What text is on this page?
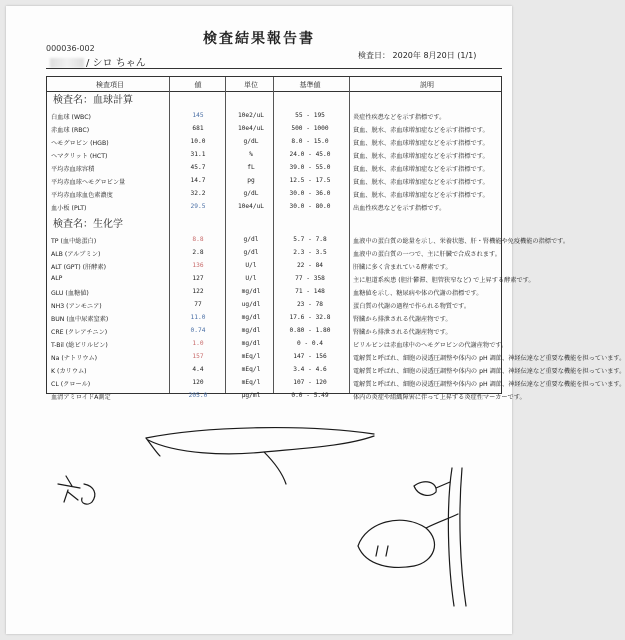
検査結果報告書
000036-002
/ シロ ちゃん
検査日： 2020年 8月20日 (1/1)
検査項目	値	単位	基準値	説明
検査名：血球計算
白血球 (WBC)	145	10e2/uL	55 - 195	炎症性疾患などを示す指標です。
赤血球 (RBC)	681	10e4/uL	500 - 1000	貧血、脱水、赤血球増加症などを示す指標です。
ヘモグロビン (HGB)	10.0	g/dL	8.0 - 15.0	貧血、脱水、赤血球増加症などを示す指標です。
ヘマクリット (HCT)	31.1	%	24.0 - 45.0	貧血、脱水、赤血球増加症などを示す指標です。
平均赤血球容積	45.7	fL	39.0 - 55.0	貧血、脱水、赤血球増加症などを示す指標です。
平均赤血球ヘモグロビン量	14.7	pg	12.5 - 17.5	貧血、脱水、赤血球増加症などを示す指標です。
平均赤血球血色素濃度	32.2	g/dL	30.0 - 36.0	貧血、脱水、赤血球増加症などを示す指標です。
血小板 (PLT)	29.5	10e4/uL	30.0 - 80.0	出血性疾患などを示す指標です。
検査名：生化学
TP (血中総蛋白)	8.8	g/dl	5.7 - 7.8	血液中の蛋白質の総量を示し、栄養状態、肝・腎機能や免疫機能の指標です。
ALB (アルブミン)	2.8	g/dl	2.3 - 3.5	血液中の蛋白質の一つで、主に肝臓で合成されます。
ALT (GPT) (肝酵素)	136	U/l	22 - 84	肝臓に多く含まれている酵素です。
ALP	127	U/l	77 - 358	主に胆道系疾患 (胆汁鬱滞、胆管狭窄など) で上昇する酵素です。
GLU (血糖値)	122	mg/dl	71 - 148	血糖値を示し、糖尿病や体の代謝の指標です。
NH3 (アンモニア)	77	ug/dl	23 - 78	蛋白質の代謝の過程で作られる物質です。
BUN (血中尿素窒素)	11.0	mg/dl	17.6 - 32.8	腎臓から排泄される代謝産物です。
CRE (クレアチニン)	0.74	mg/dl	0.80 - 1.80	腎臓から排泄される代謝産物です。
T-Bil (総ビリルビン)	1.0	mg/dl	0 - 0.4	ビリルビンは赤血球中のヘモグロビンの代謝産物です。
Na (ナトリウム)	157	mEq/l	147 - 156	電解質と呼ばれ、細胞の浸透圧調整や体内の pH 調節、神経伝達など重要な機能を担っています。
K (カリウム)	4.4	mEq/l	3.4 - 4.6	電解質と呼ばれ、細胞の浸透圧調整や体内の pH 調節、神経伝達など重要な機能を担っています。
CL (クロール)	120	mEq/l	107 - 120	電解質と呼ばれ、細胞の浸透圧調整や体内の pH 調節、神経伝達など重要な機能を担っています。
血清アミロイドA測定	205.0	μg/ml	0.0 - 5.49	体内の炎症や組織障害に伴って上昇する炎症性マーカーです。
